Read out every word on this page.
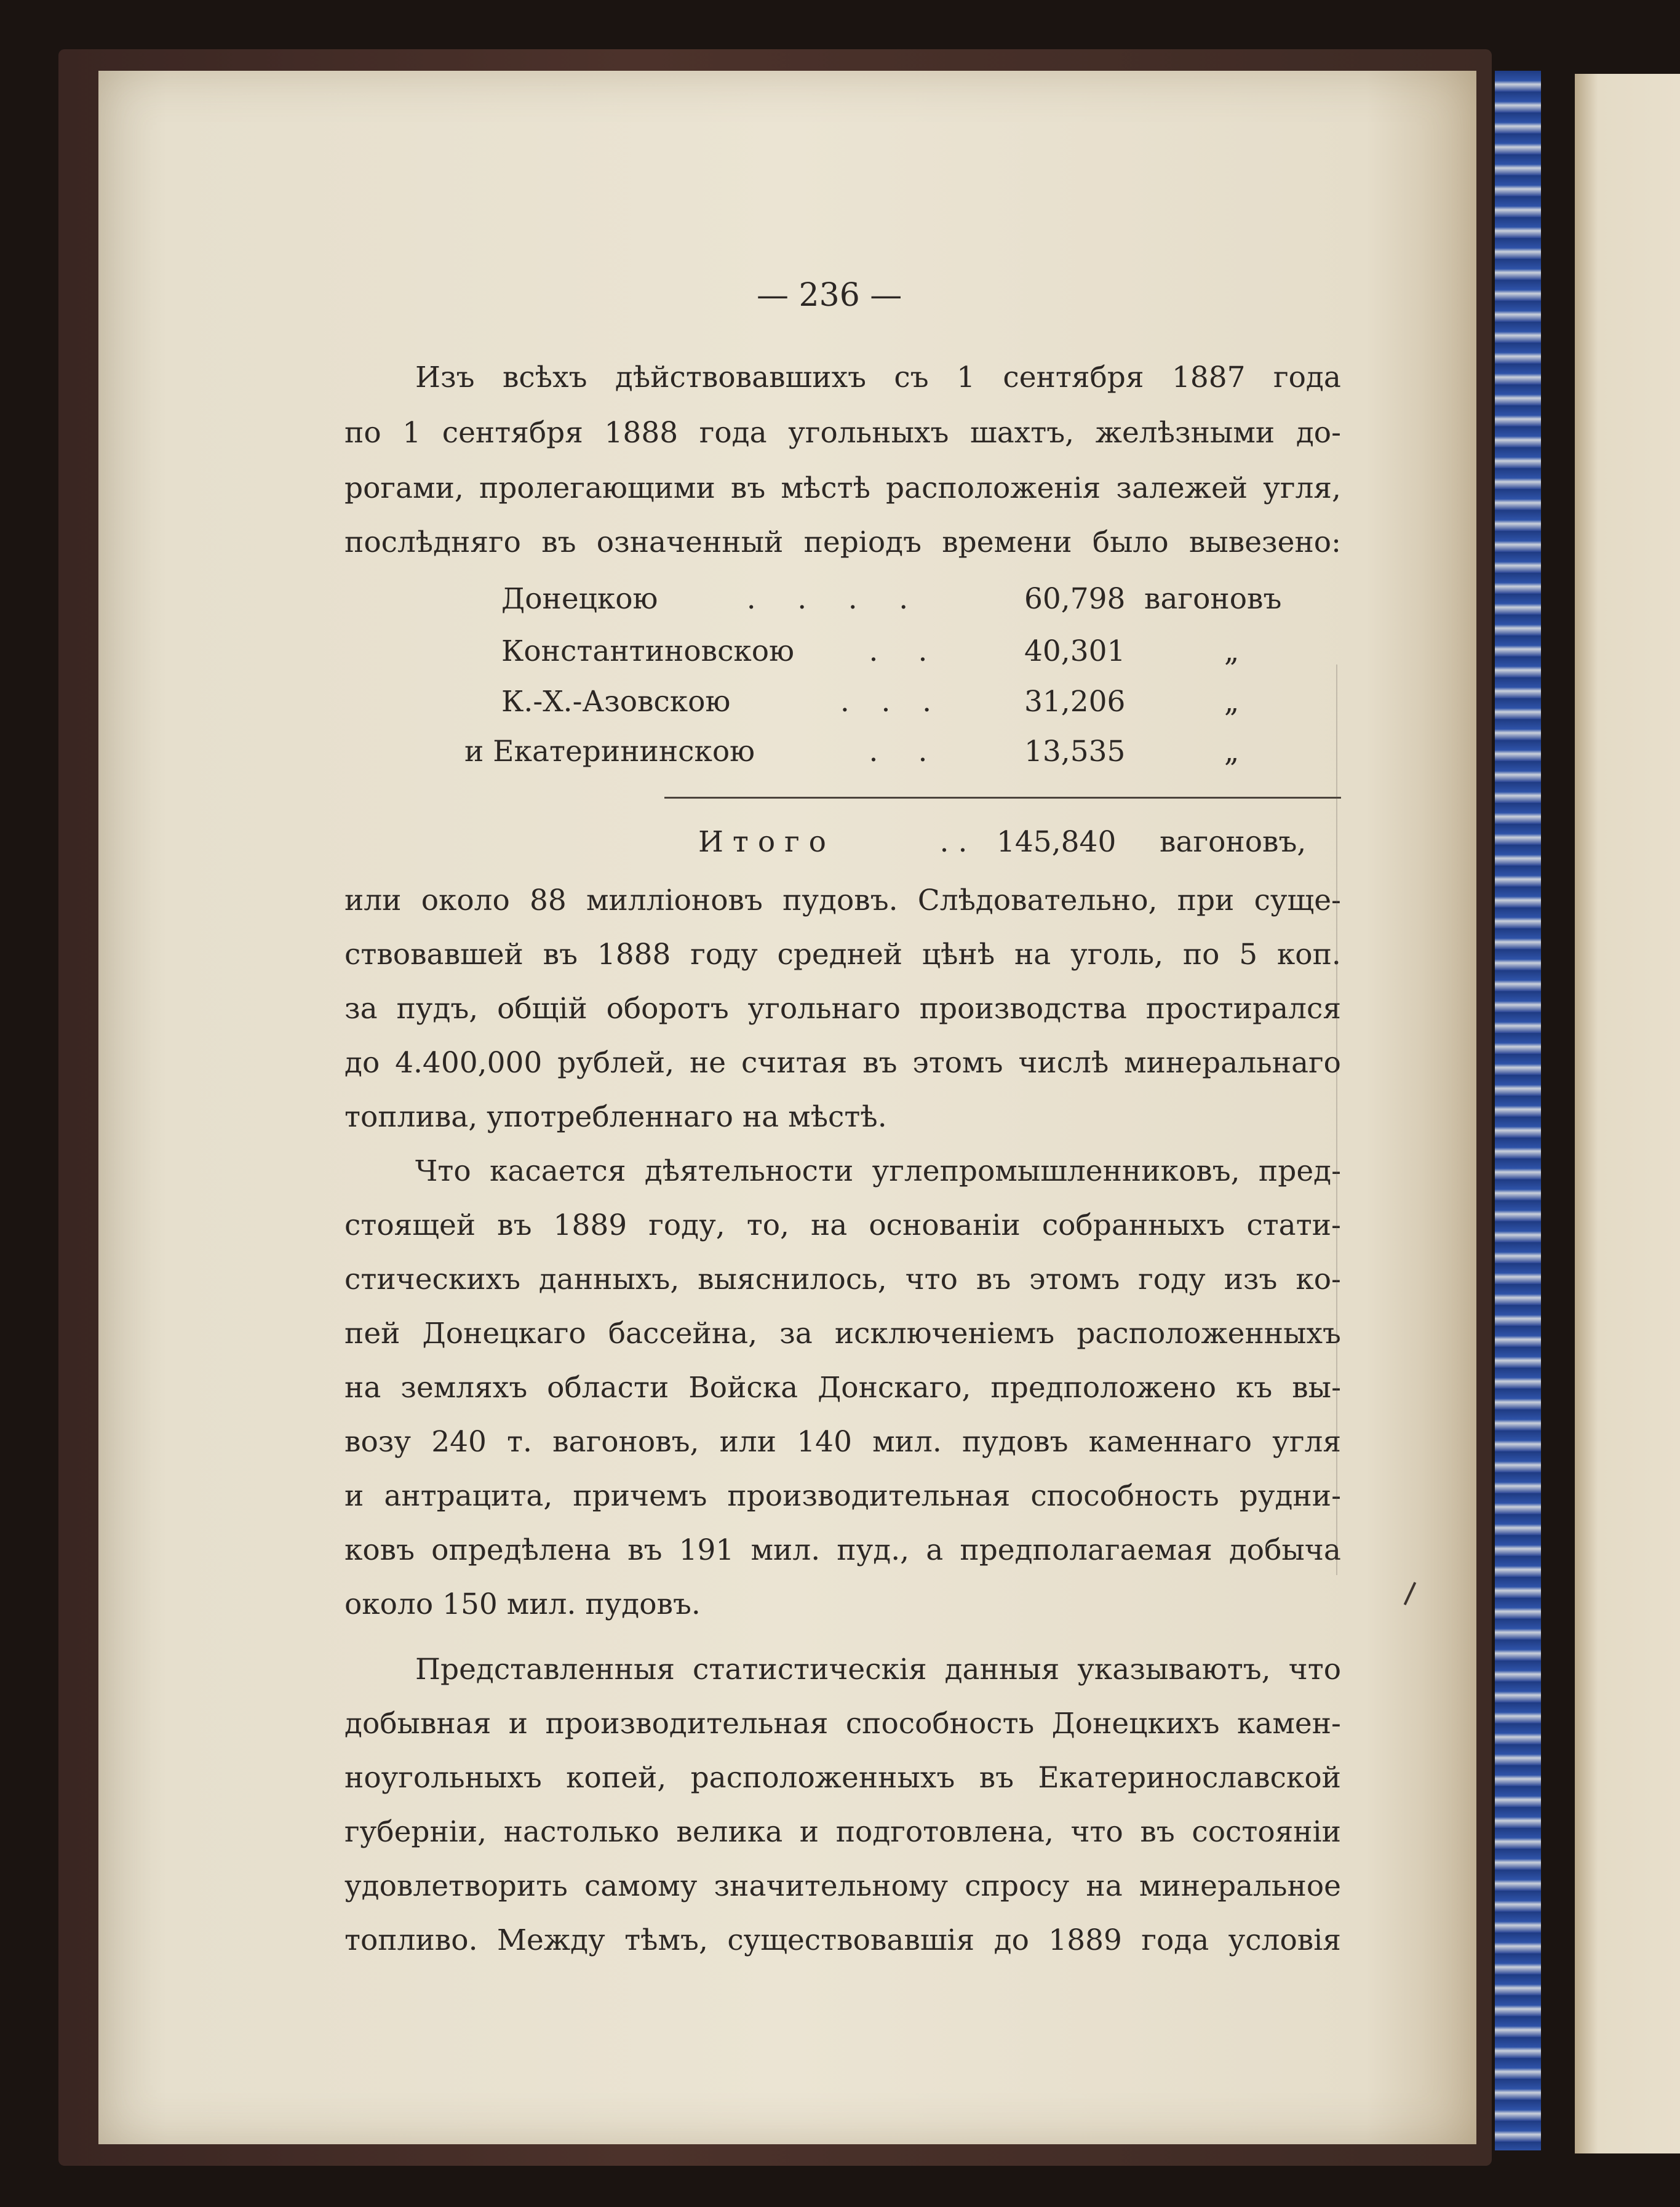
— 236 —
Изъ всѣхъ дѣйствовавшихъ съ 1 сентября 1887 года
по 1 сентября 1888 года угольныхъ шахтъ, желѣзными до-
рогами, пролегающими въ мѣстѣ расположенія залежей угля,
послѣдняго въ означенный періодъ времени было вывезено:
Донецкою	. . . .	60,798 вагоновъ
Константиновскою	. .	40,301	„
К.-Х.-Азовскою	. . .	31,206	„
и Екатерининскою	. .	13,535	„
И т о г о	. . 145,840 вагоновъ,
или около 88 милліоновъ пудовъ. Слѣдовательно, при суще-
ствовавшей въ 1888 году средней цѣнѣ на уголь, по 5 коп.
за пудъ, общій оборотъ угольнаго производства простирался
до 4.400,000 рублей, не считая въ этомъ числѣ минеральнаго
топлива, употребленнаго на мѣстѣ.
Что касается дѣятельности углепромышленниковъ, пред-
стоящей въ 1889 году, то, на основаніи собранныхъ стати-
стическихъ данныхъ, выяснилось, что въ этомъ году изъ ко-
пей Донецкаго бассейна, за исключеніемъ расположенныхъ
на земляхъ области Войска Донскаго, предположено къ вы-
возу 240 т. вагоновъ, или 140 мил. пудовъ каменнаго угля
и антрацита, причемъ производительная способность рудни-
ковъ опредѣлена въ 191 мил. пуд., а предполагаемая добыча
около 150 мил. пудовъ.
Представленныя статистическія данныя указываютъ, что
добывная и производительная способность Донецкихъ камен-
ноугольныхъ копей, расположенныхъ въ Екатеринославской
губерніи, настолько велика и подготовлена, что въ состояніи
удовлетворить самому значительному спросу на минеральное
топливо. Между тѣмъ, существовавшія до 1889 года условія
